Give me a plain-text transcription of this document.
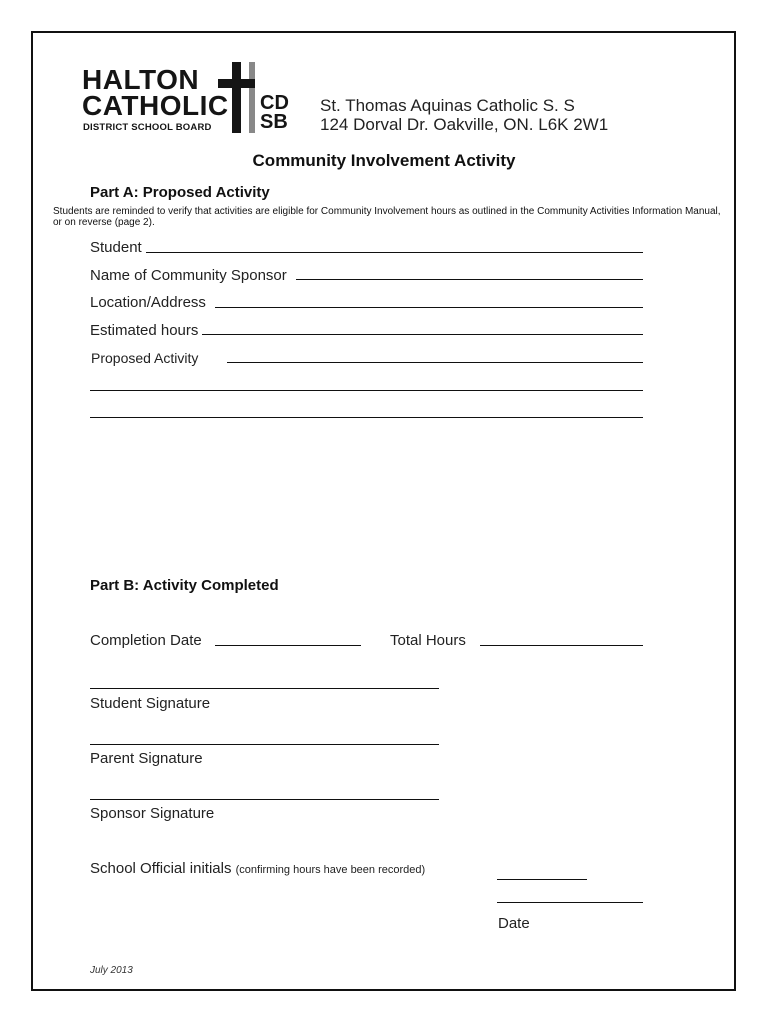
HALTON
CATHOLIC
DISTRICT SCHOOL BOARD
CD
SB
St. Thomas Aquinas Catholic S. S
124 Dorval Dr. Oakville, ON. L6K 2W1
Community Involvement Activity
Part A: Proposed Activity
Students are reminded to verify that activities are eligible for Community Involvement hours as outlined in the Community Activities Information Manual, or on reverse (page 2).
Student
Name of Community Sponsor
Location/Address
Estimated hours
Proposed Activity
Part B: Activity Completed
Completion Date	Total Hours
Student Signature
Parent Signature
Sponsor Signature
School Official initials (confirming hours have been recorded)
Date
July 2013
